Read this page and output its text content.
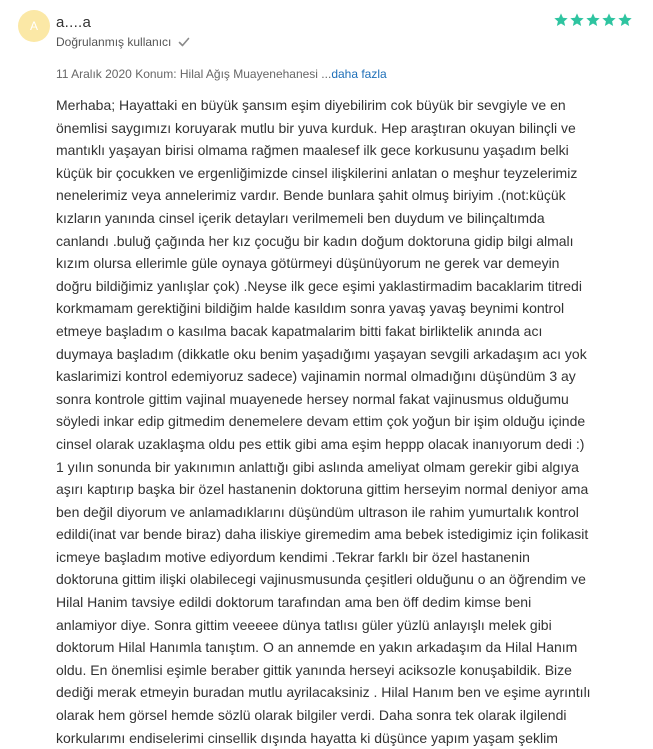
A	a....a
Doğrulanmış kullanıcı
11 Aralık 2020 Konum: Hilal Ağış Muayenehanesi ...daha fazla

Merhaba; Hayattaki en büyük şansım eşim diyebilirim cok büyük bir sevgiyle ve en
önemlisi saygımızı koruyarak mutlu bir yuva kurduk. Hep araştıran okuyan bilinçli ve
mantıklı yaşayan birisi olmama rağmen maalesef ilk gece korkusunu yaşadım belki
küçük bir çocukken ve ergenliğimizde cinsel ilişkilerini anlatan o meşhur teyzelerimiz
nenelerimiz veya annelerimiz vardır. Bende bunlara şahit olmuş biriyim .(not:küçük
kızların yanında cinsel içerik detayları verilmemeli ben duydum ve bilinçaltımda
canlandı .buluğ çağında her kız çocuğu bir kadın doğum doktoruna gidip bilgi almalı
kızım olursa ellerimle güle oynaya götürmeyi düşünüyorum ne gerek var demeyin
doğru bildiğimiz yanlışlar çok) .Neyse ilk gece eşimi yaklastirmadim bacaklarim titredi
korkmamam gerektiğini bildiğim halde kasıldım sonra yavaş yavaş beynimi kontrol
etmeye başladım o kasılma bacak kapatmalarim bitti fakat birliktelik anında acı
duymaya başladım (dikkatle oku benim yaşadığımı yaşayan sevgili arkadaşım acı yok
kaslarimizi kontrol edemiyoruz sadece) vajinamin normal olmadığını düşündüm 3 ay
sonra kontrole gittim vajinal muayenede hersey normal fakat vajinusmus olduğumu
söyledi inkar edip gitmedim denemelere devam ettim çok yoğun bir işim olduğu içinde
cinsel olarak uzaklaşma oldu pes ettik gibi ama eşim heppp olacak inanıyorum dedi :)
1 yılın sonunda bir yakınımın anlattığı gibi aslında ameliyat olmam gerekir gibi algıya
aşırı kaptırıp başka bir özel hastanenin doktoruna gittim herseyim normal deniyor ama
ben değil diyorum ve anlamadıklarını düşündüm ultrason ile rahim yumurtalık kontrol
edildi(inat var bende biraz) daha iliskiye giremedim ama bebek istedigimiz için folikasit
icmeye başladım motive ediyordum kendimi .Tekrar farklı bir özel hastanenin
doktoruna gittim ilişki olabilecegi vajinusmusunda çeşitleri olduğunu o an öğrendim ve
Hilal Hanim tavsiye edildi doktorum tarafından ama ben öff dedim kimse beni
anlamiyor diye. Sonra gittim veeeee dünya tatlısı güler yüzlü anlayışlı melek gibi
doktorum Hilal Hanımla tanıştım. O an annemde en yakın arkadaşım da Hilal Hanım
oldu. En önemlisi eşimle beraber gittik yanında herseyi aciksozle konuşabildik. Bize
dediği merak etmeyin buradan mutlu ayrilacaksiniz . Hilal Hanım ben ve eşime ayrıntılı
olarak hem görsel hemde sözlü olarak bilgiler verdi. Daha sonra tek olarak ilgilendi
korkularımı endiselerimi cinsellik dışında hayatta ki düşünce yapım yaşam şeklim
